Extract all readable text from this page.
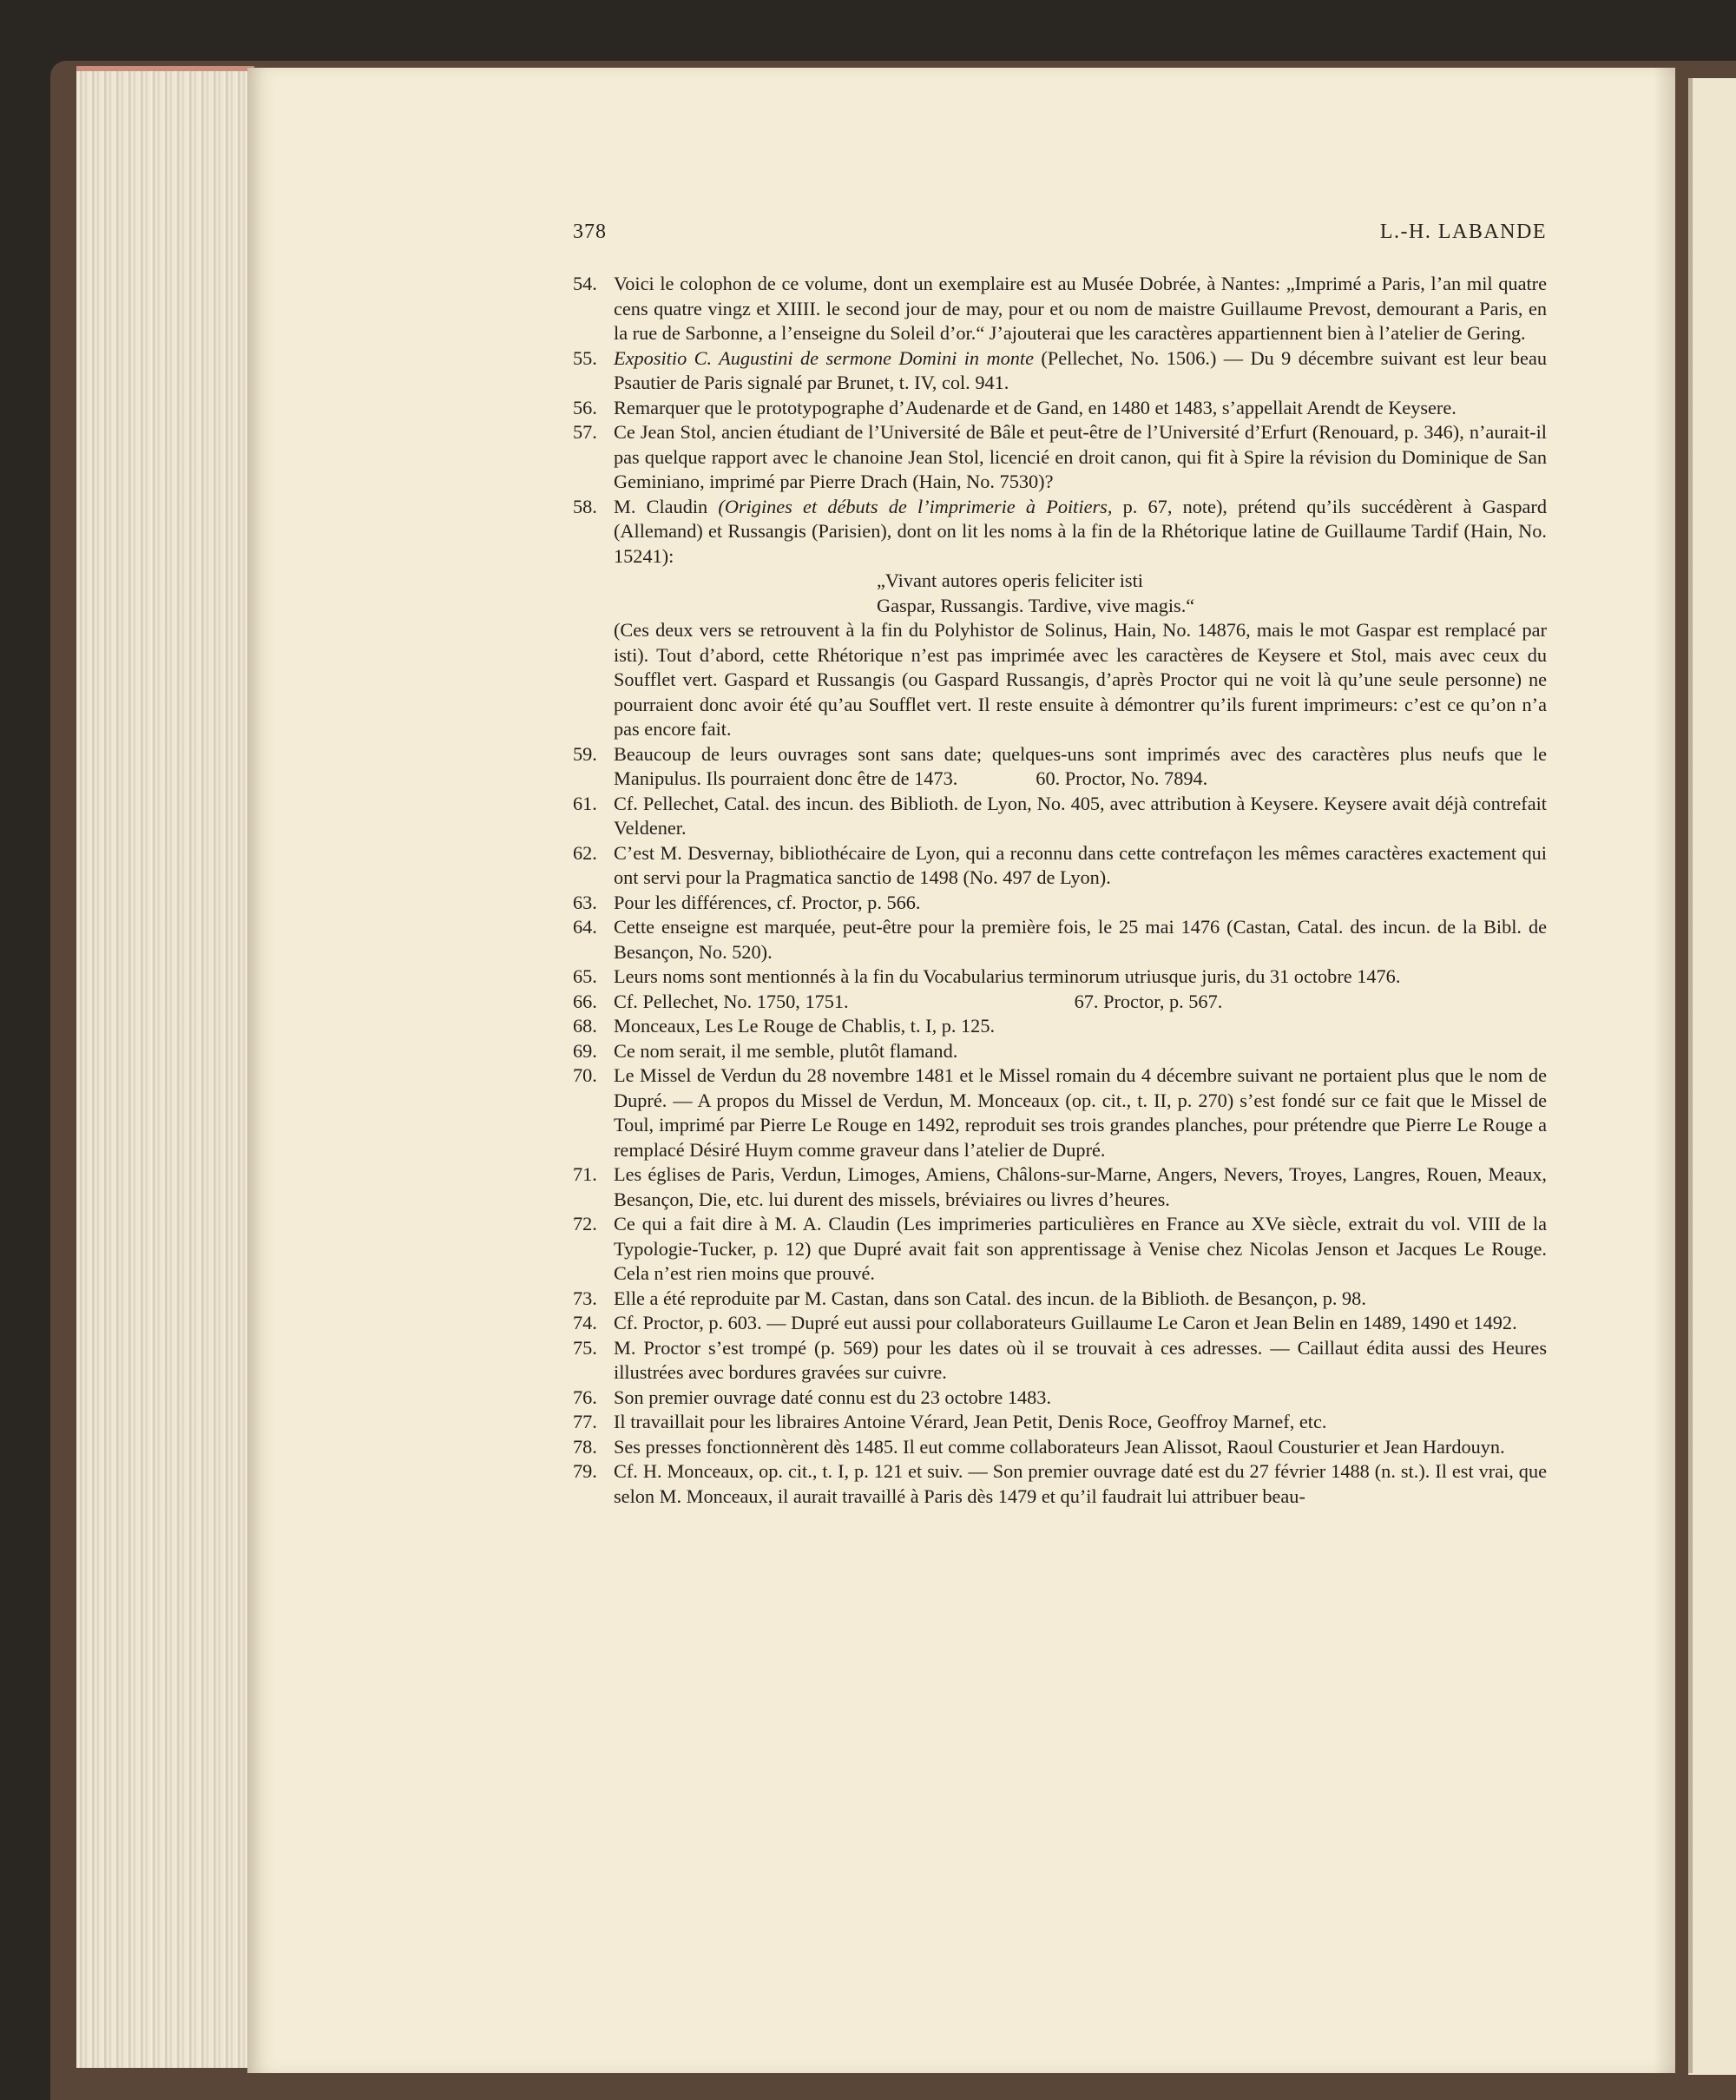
378	L.-H. LABANDE
54. Voici le colophon de ce volume, dont un exemplaire est au Musée Dobrée, à Nantes: „Imprimé a Paris, l’an mil quatre cens quatre vingz et XIIII. le second jour de may, pour et ou nom de maistre Guillaume Prevost, demourant a Paris, en la rue de Sarbonne, a l’enseigne du Soleil d’or.“ J’ajouterai que les caractères appartiennent bien à l’atelier de Gering.
55. Expositio C. Augustini de sermone Domini in monte (Pellechet, No. 1506.) — Du 9 décembre suivant est leur beau Psautier de Paris signalé par Brunet, t. IV, col. 941.
56. Remarquer que le prototypographe d’Audenarde et de Gand, en 1480 et 1483, s’appellait Arendt de Keysere.
57. Ce Jean Stol, ancien étudiant de l’Université de Bâle et peut-être de l’Université d’Erfurt (Renouard, p. 346), n’aurait-il pas quelque rapport avec le chanoine Jean Stol, licencié en droit canon, qui fit à Spire la révision du Dominique de San Geminiano, imprimé par Pierre Drach (Hain, No. 7530)?
58. M. Claudin (Origines et débuts de l’imprimerie à Poitiers, p. 67, note), prétend qu’ils succédèrent à Gaspard (Allemand) et Russangis (Parisien), dont on lit les noms à la fin de la Rhétorique latine de Guillaume Tardif (Hain, No. 15241):
„Vivant autores operis feliciter isti
Gaspar, Russangis. Tardive, vive magis.“
(Ces deux vers se retrouvent à la fin du Polyhistor de Solinus, Hain, No. 14876, mais le mot Gaspar est remplacé par isti). Tout d’abord, cette Rhétorique n’est pas imprimée avec les caractères de Keysere et Stol, mais avec ceux du Soufflet vert. Gaspard et Russangis (ou Gaspard Russangis, d’après Proctor qui ne voit là qu’une seule personne) ne pourraient donc avoir été qu’au Soufflet vert. Il reste ensuite à démontrer qu’ils furent imprimeurs: c’est ce qu’on n’a pas encore fait.
59. Beaucoup de leurs ouvrages sont sans date; quelques-uns sont imprimés avec des caractères plus neufs que le Manipulus. Ils pourraient donc être de 1473.	60. Proctor, No. 7894.
61. Cf. Pellechet, Catal. des incun. des Biblioth. de Lyon, No. 405, avec attribution à Keysere. Keysere avait déjà contrefait Veldener.
62. C’est M. Desvernay, bibliothécaire de Lyon, qui a reconnu dans cette contrefaçon les mêmes caractères exactement qui ont servi pour la Pragmatica sanctio de 1498 (No. 497 de Lyon).
63. Pour les différences, cf. Proctor, p. 566.
64. Cette enseigne est marquée, peut-être pour la première fois, le 25 mai 1476 (Castan, Catal. des incun. de la Bibl. de Besançon, No. 520).
65. Leurs noms sont mentionnés à la fin du Vocabularius terminorum utriusque juris, du 31 octobre 1476.
66. Cf. Pellechet, No. 1750, 1751.	67. Proctor, p. 567.
68. Monceaux, Les Le Rouge de Chablis, t. I, p. 125.
69. Ce nom serait, il me semble, plutôt flamand.
70. Le Missel de Verdun du 28 novembre 1481 et le Missel romain du 4 décembre suivant ne portaient plus que le nom de Dupré. — A propos du Missel de Verdun, M. Monceaux (op. cit., t. II, p. 270) s’est fondé sur ce fait que le Missel de Toul, imprimé par Pierre Le Rouge en 1492, reproduit ses trois grandes planches, pour prétendre que Pierre Le Rouge a remplacé Désiré Huym comme graveur dans l’atelier de Dupré.
71. Les églises de Paris, Verdun, Limoges, Amiens, Châlons-sur-Marne, Angers, Nevers, Troyes, Langres, Rouen, Meaux, Besançon, Die, etc. lui durent des missels, bréviaires ou livres d’heures.
72. Ce qui a fait dire à M. A. Claudin (Les imprimeries particulières en France au XVe siècle, extrait du vol. VIII de la Typologie-Tucker, p. 12) que Dupré avait fait son apprentissage à Venise chez Nicolas Jenson et Jacques Le Rouge. Cela n’est rien moins que prouvé.
73. Elle a été reproduite par M. Castan, dans son Catal. des incun. de la Biblioth. de Besançon, p. 98.
74. Cf. Proctor, p. 603. — Dupré eut aussi pour collaborateurs Guillaume Le Caron et Jean Belin en 1489, 1490 et 1492.
75. M. Proctor s’est trompé (p. 569) pour les dates où il se trouvait à ces adresses. — Caillaut édita aussi des Heures illustrées avec bordures gravées sur cuivre.
76. Son premier ouvrage daté connu est du 23 octobre 1483.
77. Il travaillait pour les libraires Antoine Vérard, Jean Petit, Denis Roce, Geoffroy Marnef, etc.
78. Ses presses fonctionnèrent dès 1485. Il eut comme collaborateurs Jean Alissot, Raoul Cousturier et Jean Hardouyn.
79. Cf. H. Monceaux, op. cit., t. I, p. 121 et suiv. — Son premier ouvrage daté est du 27 février 1488 (n. st.). Il est vrai, que selon M. Monceaux, il aurait travaillé à Paris dès 1479 et qu’il faudrait lui attribuer beau-
